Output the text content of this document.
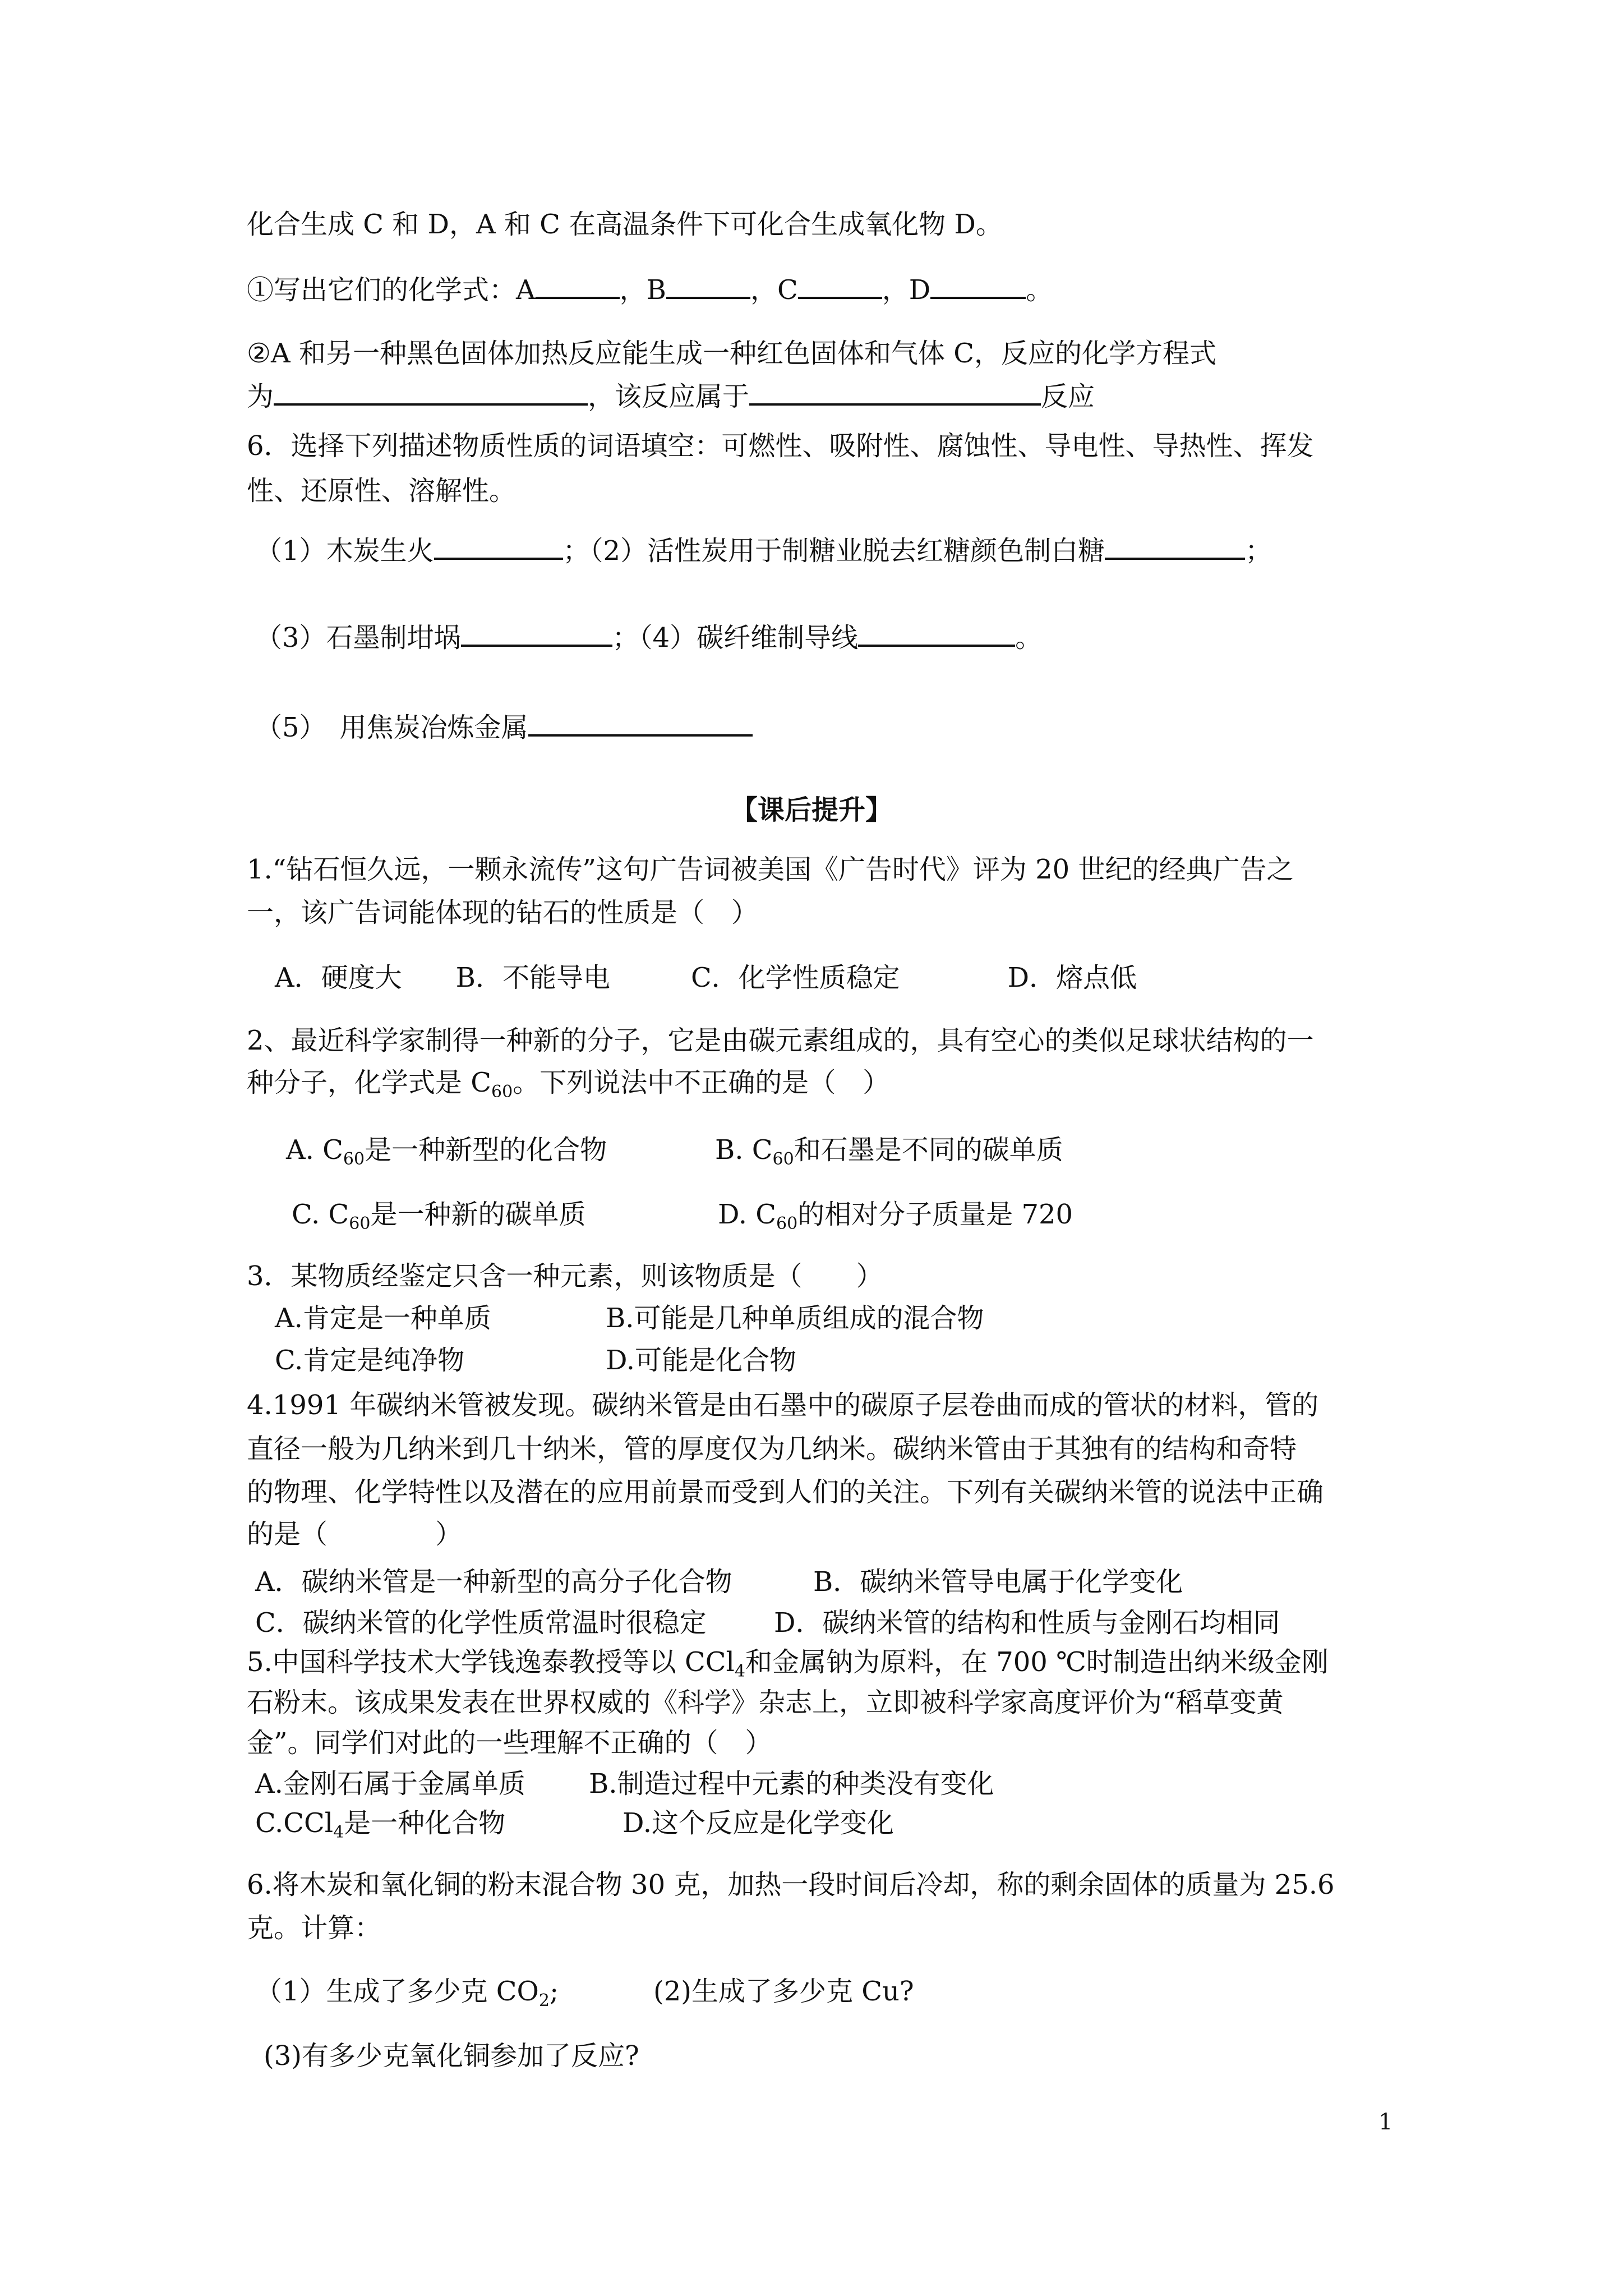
化合生成 C 和 D，A 和 C 在高温条件下可化合生成氧化物 D。
①写出它们的化学式：A	，B	，C	，D	。
②A 和另一种黑色固体加热反应能生成一种红色固体和气体 C，反应的化学方程式
为	，该反应属于	反应
6．选择下列描述物质性质的词语填空：可燃性、吸附性、腐蚀性、导电性、导热性、挥发
性、还原性、溶解性。
（1）木炭生火	；（2）活性炭用于制糖业脱去红糖颜色制白糖	；
（3）石墨制坩埚	；（4）碳纤维制导线	。
（5）　用焦炭冶炼金属
【课后提升】
1.“钻石恒久远，一颗永流传”这句广告词被美国《广告时代》评为 20 世纪的经典广告之
一，该广告词能体现的钻石的性质是（　）
A．硬度大　　B．不能导电　　　C．化学性质稳定　　　　D．熔点低
2、最近科学家制得一种新的分子，它是由碳元素组成的，具有空心的类似足球状结构的一
种分子，化学式是 $C_{60}$。下列说法中不正确的是（　）
A. $C_{60}$是一种新型的化合物	B. $C_{60}$和石墨是不同的碳单质
C. $C_{60}$是一种新的碳单质	D. $C_{60}$的相对分子质量是 720
3．某物质经鉴定只含一种元素，则该物质是（　　）
A.肯定是一种单质	B.可能是几种单质组成的混合物
C.肯定是纯净物	D.可能是化合物
4.1991 年碳纳米管被发现。碳纳米管是由石墨中的碳原子层卷曲而成的管状的材料，管的
直径一般为几纳米到几十纳米，管的厚度仅为几纳米。碳纳米管由于其独有的结构和奇特
的物理、化学特性以及潜在的应用前景而受到人们的关注。下列有关碳纳米管的说法中正确
的是（　　　　）
A．碳纳米管是一种新型的高分子化合物	B．碳纳米管导电属于化学变化
C．碳纳米管的化学性质常温时很稳定	D．碳纳米管的结构和性质与金刚石均相同
5.中国科学技术大学钱逸泰教授等以 CCl$_4$和金属钠为原料，在 700 ℃时制造出纳米级金刚
石粉末。该成果发表在世界权威的《科学》杂志上，立即被科学家高度评价为“稻草变黄
金”。同学们对此的一些理解不正确的（　）
A.金刚石属于金属单质 B.制造过程中元素的种类没有变化
C.CCl$_4$是一种化合物	D.这个反应是化学变化
6.将木炭和氧化铜的粉末混合物 30 克，加热一段时间后冷却，称的剩余固体的质量为 25.6
克。计算：
（1）生成了多少克 $CO_2$;	(2)生成了多少克 Cu?
(3)有多少克氧化铜参加了反应?
1
